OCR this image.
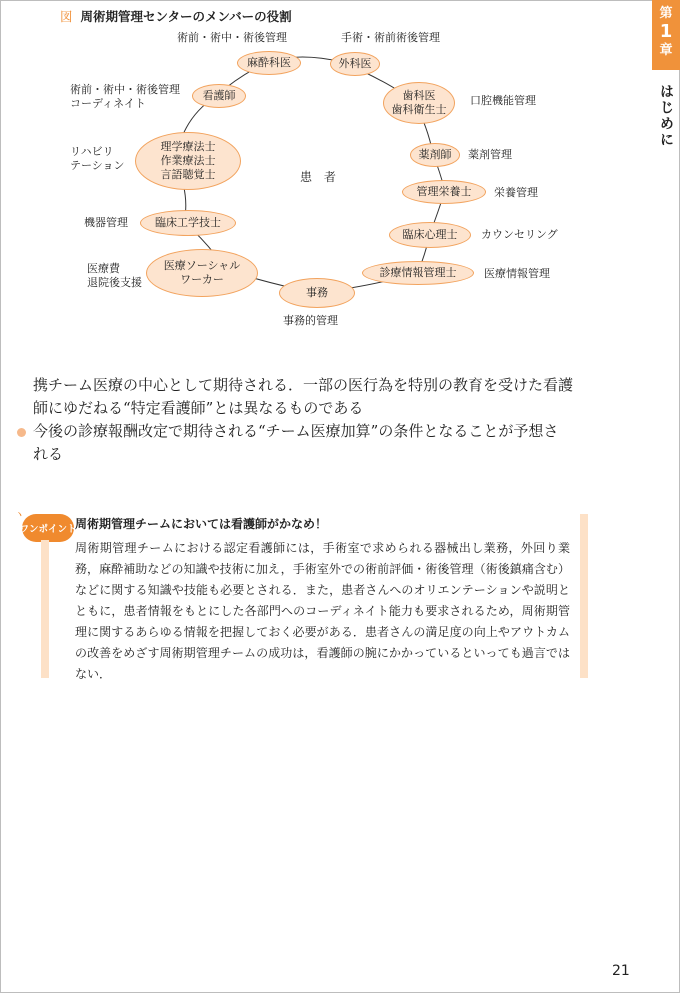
図 周術期管理センターのメンバーの役割
患 者
麻酔科医	外科医
歯科医
歯科衛生士
薬剤師
管理栄養士
臨床心理士
診療情報管理士
事務
医療ソーシャル
ワーカー
臨床工学技士
理学療法士
作業療法士
言語聴覚士
看護師
術前・術中・術後管理	手術・術前術後管理
口腔機能管理
薬剤管理
栄養管理
カウンセリング
医療情報管理
事務的管理
医療費
退院後支援
機器管理
リハビリ
テーション
術前・術中・術後管理
コーディネイト
第
1
章
はじめに

携チーム医療の中心として期待される．一部の医行為を特別の教育を受けた看護

師にゆだねる“特定看護師”とは異なるものである

今後の診療報酬改定で期待される“チーム医療加算”の条件となることが予想さ

れる

ヽ
ワンポイント
周術期管理チームにおいては看護師がかなめ！
周術期管理チームにおける認定看護師には，手術室で求められる器械出し業務，外回り業務，麻酔補助などの知識や技術に加え，手術室外での術前評価・術後管理（術後鎮痛含む）などに関する知識や技能も必要とされる．また，患者さんへのオリエンテーションや説明とともに，患者情報をもとにした各部門へのコーディネイト能力も要求されるため，周術期管理に関するあらゆる情報を把握しておく必要がある．患者さんの満足度の向上やアウトカムの改善をめざす周術期管理チームの成功は，看護師の腕にかかっているといっても過言ではない．
21
